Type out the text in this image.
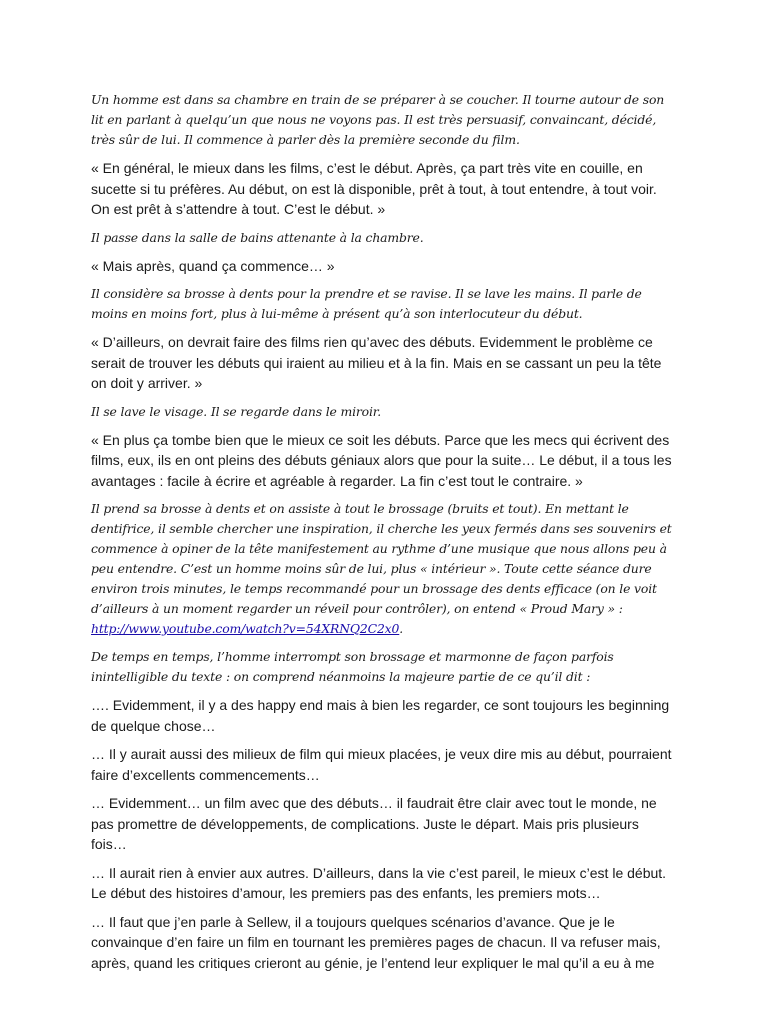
Un homme est dans sa chambre en train de se préparer à se coucher. Il tourne autour de son lit en parlant à quelqu’un que nous ne voyons pas. Il est très persuasif, convaincant, décidé, très sûr de lui. Il commence à parler dès la première seconde du film.

« En général, le mieux dans les films, c’est le début. Après, ça part très vite en couille, en sucette si tu préfères. Au début, on est là disponible, prêt à tout, à tout entendre, à tout voir. On est prêt à s’attendre à tout. C’est le début. »

Il passe dans la salle de bains attenante à la chambre.

« Mais après, quand ça commence… »

Il considère sa brosse à dents pour la prendre et se ravise. Il se lave les mains. Il parle de moins en moins fort, plus à lui-même à présent qu’à son interlocuteur du début.

« D’ailleurs, on devrait faire des films rien qu’avec des débuts. Evidemment le problème ce serait de trouver les débuts qui iraient au milieu et à la fin. Mais en se cassant un peu la tête on doit y arriver. »

Il se lave le visage. Il se regarde dans le miroir.

« En plus ça tombe bien que le mieux ce soit les débuts. Parce que les mecs qui écrivent des films, eux, ils en ont pleins des débuts géniaux alors que pour la suite… Le début, il a tous les avantages : facile à écrire et agréable à regarder. La fin c’est tout le contraire. »

Il prend sa brosse à dents et on assiste à tout le brossage (bruits et tout). En mettant le dentifrice, il semble chercher une inspiration, il cherche les yeux fermés dans ses souvenirs et commence à opiner de la tête manifestement au rythme d’une musique que nous allons peu à peu entendre. C’est un homme moins sûr de lui, plus « intérieur ». Toute cette séance dure environ trois minutes, le temps recommandé pour un brossage des dents efficace (on le voit d’ailleurs à un moment regarder un réveil pour contrôler), on entend « Proud Mary » : http://www.youtube.com/watch?v=54XRNQ2C2x0.

De temps en temps, l’homme interrompt son brossage et marmonne de façon parfois inintelligible du texte : on comprend néanmoins la majeure partie de ce qu’il dit :

…. Evidemment, il y a des happy end mais à bien les regarder, ce sont toujours les beginning de quelque chose…

… Il y aurait aussi des milieux de film qui mieux placées, je veux dire mis au début, pourraient faire d’excellents commencements…

… Evidemment… un film avec que des débuts… il faudrait être clair avec tout le monde, ne pas promettre de développements, de complications. Juste le départ. Mais pris plusieurs fois…

… Il aurait rien à envier aux autres. D’ailleurs, dans la vie c’est pareil, le mieux c’est le début. Le début des histoires d’amour, les premiers pas des enfants, les premiers mots…

… Il faut que j’en parle à Sellew, il a toujours quelques scénarios d’avance. Que je le convainque d’en faire un film en tournant les premières pages de chacun. Il va refuser mais, après, quand les critiques crieront au génie, je l’entend leur expliquer le mal qu’il a eu à me
